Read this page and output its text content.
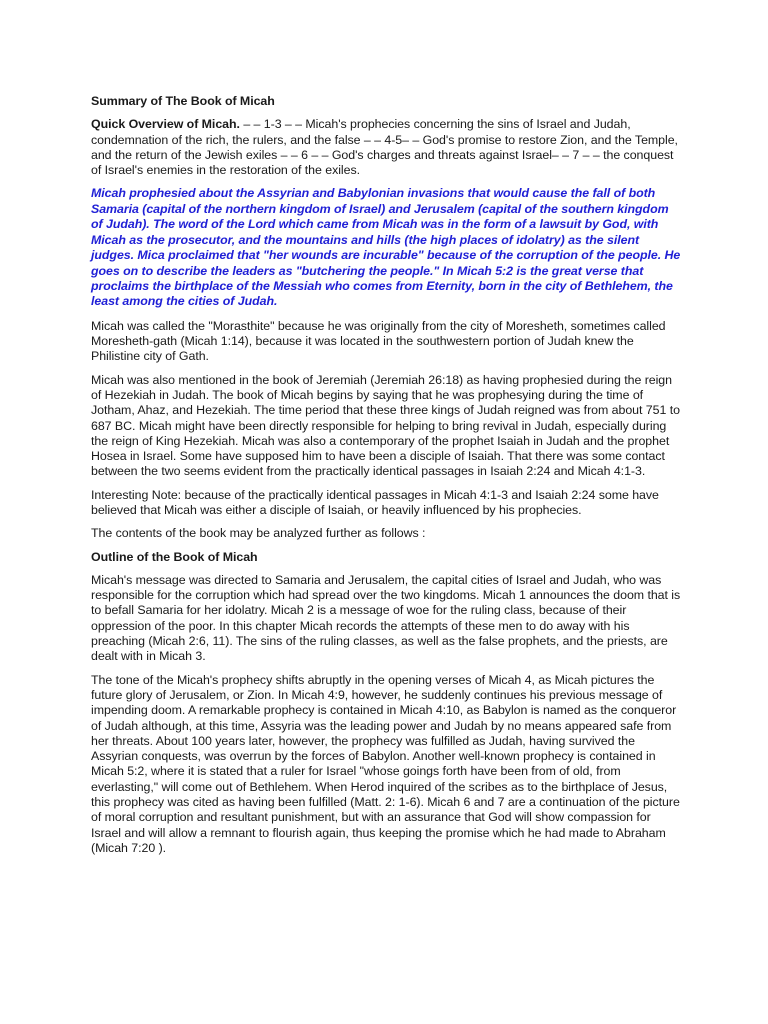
Summary of The Book of Micah

Quick Overview of Micah. – – 1-3 – – Micah's prophecies concerning the sins of Israel and Judah, condemnation of the rich, the rulers, and the false – – 4-5– – God's promise to restore Zion, and the Temple, and the return of the Jewish exiles – – 6 – – God's charges and threats against Israel– – 7 – – the conquest of Israel's enemies in the restoration of the exiles.

Micah prophesied about the Assyrian and Babylonian invasions that would cause the fall of both Samaria (capital of the northern kingdom of Israel) and Jerusalem (capital of the southern kingdom of Judah). The word of the Lord which came from Micah was in the form of a lawsuit by God, with Micah as the prosecutor, and the mountains and hills (the high places of idolatry) as the silent judges. Mica proclaimed that "her wounds are incurable" because of the corruption of the people. He goes on to describe the leaders as "butchering the people." In Micah 5:2 is the great verse that proclaims the birthplace of the Messiah who comes from Eternity, born in the city of Bethlehem, the least among the cities of Judah.

Micah was called the "Morasthite" because he was originally from the city of Moresheth, sometimes called Moresheth-gath (Micah 1:14), because it was located in the southwestern portion of Judah knew the Philistine city of Gath.

Micah was also mentioned in the book of Jeremiah (Jeremiah 26:18) as having prophesied during the reign of Hezekiah in Judah. The book of Micah begins by saying that he was prophesying during the time of Jotham, Ahaz, and Hezekiah. The time period that these three kings of Judah reigned was from about 751 to 687 BC. Micah might have been directly responsible for helping to bring revival in Judah, especially during the reign of King Hezekiah. Micah was also a contemporary of the prophet Isaiah in Judah and the prophet Hosea in Israel. Some have supposed him to have been a disciple of Isaiah. That there was some contact between the two seems evident from the practically identical passages in Isaiah 2:24 and Micah 4:1-3.

Interesting Note: because of the practically identical passages in Micah 4:1-3 and Isaiah 2:24 some have believed that Micah was either a disciple of Isaiah, or heavily influenced by his prophecies.

The contents of the book may be analyzed further as follows :

Outline of the Book of Micah

Micah's message was directed to Samaria and Jerusalem, the capital cities of Israel and Judah, who was responsible for the corruption which had spread over the two kingdoms. Micah 1 announces the doom that is to befall Samaria for her idolatry. Micah 2 is a message of woe for the ruling class, because of their oppression of the poor. In this chapter Micah records the attempts of these men to do away with his preaching (Micah 2:6, 11). The sins of the ruling classes, as well as the false prophets, and the priests, are dealt with in Micah 3.

The tone of the Micah's prophecy shifts abruptly in the opening verses of Micah 4, as Micah pictures the future glory of Jerusalem, or Zion. In Micah 4:9, however, he suddenly continues his previous message of impending doom. A remarkable prophecy is contained in Micah 4:10, as Babylon is named as the conqueror of Judah although, at this time, Assyria was the leading power and Judah by no means appeared safe from her threats. About 100 years later, however, the prophecy was fulfilled as Judah, having survived the Assyrian conquests, was overrun by the forces of Babylon. Another well-known prophecy is contained in Micah 5:2, where it is stated that a ruler for Israel "whose goings forth have been from of old, from everlasting," will come out of Bethlehem. When Herod inquired of the scribes as to the birthplace of Jesus, this prophecy was cited as having been fulfilled (Matt. 2: 1-6). Micah 6 and 7 are a continuation of the picture of moral corruption and resultant punishment, but with an assurance that God will show compassion for Israel and will allow a remnant to flourish again, thus keeping the promise which he had made to Abraham (Micah 7:20 ).
